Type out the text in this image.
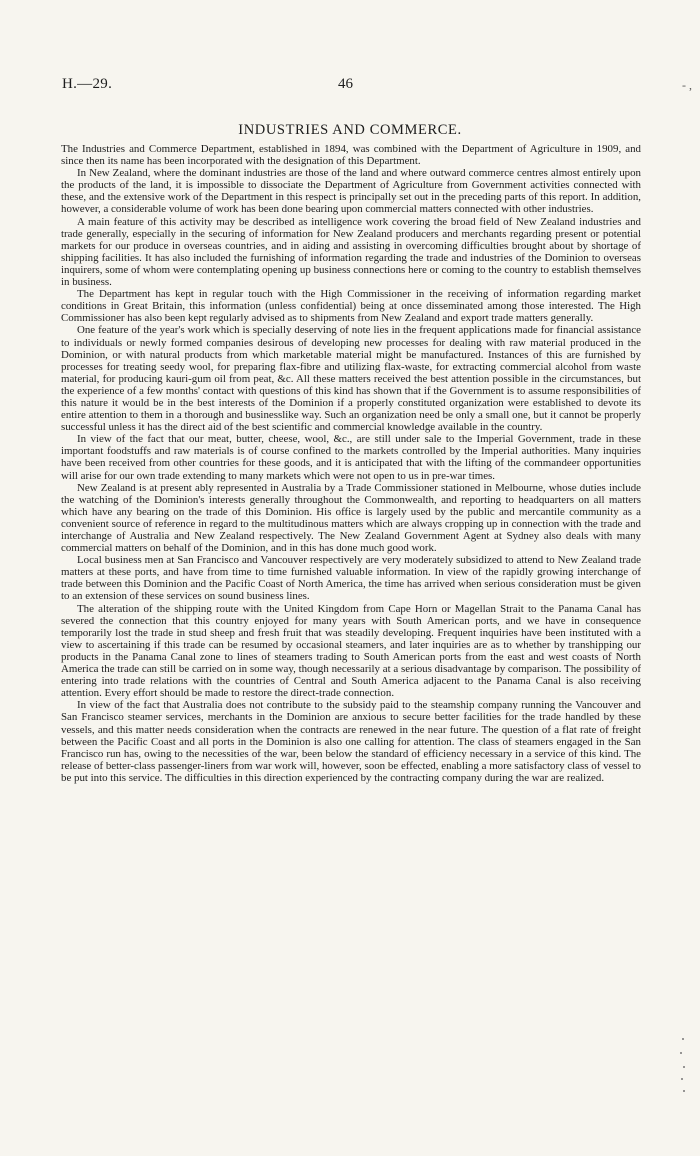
H.—29.	46	‑ ,
INDUSTRIES AND COMMERCE.

The Industries and Commerce Department, established in 1894, was combined with the Department of Agriculture in 1909, and since then its name has been incorporated with the designation of this Department.

In New Zealand, where the dominant industries are those of the land and where outward commerce centres almost entirely upon the products of the land, it is impossible to dissociate the Department of Agriculture from Government activities connected with these, and the extensive work of the Department in this respect is principally set out in the preceding parts of this report. In addition, however, a considerable volume of work has been done bearing upon commercial matters connected with other industries.

A main feature of this activity may be described as intelligence work covering the broad field of New Zealand industries and trade generally, especially in the securing of information for New Zealand producers and merchants regarding present or potential markets for our produce in overseas countries, and in aiding and assisting in overcoming difficulties brought about by shortage of shipping facilities. It has also included the furnishing of information regarding the trade and industries of the Dominion to overseas inquirers, some of whom were contemplating opening up business connections here or coming to the country to establish themselves in business.

The Department has kept in regular touch with the High Commissioner in the receiving of information regarding market conditions in Great Britain, this information (unless confidential) being at once disseminated among those interested. The High Commissioner has also been kept regularly advised as to shipments from New Zealand and export trade matters generally.

One feature of the year's work which is specially deserving of note lies in the frequent applications made for financial assistance to individuals or newly formed companies desirous of developing new processes for dealing with raw material produced in the Dominion, or with natural products from which marketable material might be manufactured. Instances of this are furnished by processes for treating seedy wool, for preparing flax-fibre and utilizing flax-waste, for extracting commercial alcohol from waste material, for producing kauri-gum oil from peat, &c. All these matters received the best attention possible in the circumstances, but the experience of a few months' contact with questions of this kind has shown that if the Government is to assume responsibilities of this nature it would be in the best interests of the Dominion if a properly constituted organization were established to devote its entire attention to them in a thorough and businesslike way. Such an organization need be only a small one, but it cannot be properly successful unless it has the direct aid of the best scientific and commercial knowledge available in the country.

In view of the fact that our meat, butter, cheese, wool, &c., are still under sale to the Imperial Government, trade in these important foodstuffs and raw materials is of course confined to the markets controlled by the Imperial authorities. Many inquiries have been received from other countries for these goods, and it is anticipated that with the lifting of the commandeer opportunities will arise for our own trade extending to many markets which were not open to us in pre-war times.

New Zealand is at present ably represented in Australia by a Trade Commissioner stationed in Melbourne, whose duties include the watching of the Dominion's interests generally throughout the Commonwealth, and reporting to headquarters on all matters which have any bearing on the trade of this Dominion. His office is largely used by the public and mercantile community as a convenient source of reference in regard to the multitudinous matters which are always cropping up in connection with the trade and interchange of Australia and New Zealand respectively. The New Zealand Government Agent at Sydney also deals with many commercial matters on behalf of the Dominion, and in this has done much good work.

Local business men at San Francisco and Vancouver respectively are very moderately subsidized to attend to New Zealand trade matters at these ports, and have from time to time furnished valuable information. In view of the rapidly growing interchange of trade between this Dominion and the Pacific Coast of North America, the time has arrived when serious consideration must be given to an extension of these services on sound business lines.

The alteration of the shipping route with the United Kingdom from Cape Horn or Magellan Strait to the Panama Canal has severed the connection that this country enjoyed for many years with South American ports, and we have in consequence temporarily lost the trade in stud sheep and fresh fruit that was steadily developing. Frequent inquiries have been instituted with a view to ascertaining if this trade can be resumed by occasional steamers, and later inquiries are as to whether by transhipping our products in the Panama Canal zone to lines of steamers trading to South American ports from the east and west coasts of North America the trade can still be carried on in some way, though necessarily at a serious disadvantage by comparison. The possibility of entering into trade relations with the countries of Central and South America adjacent to the Panama Canal is also receiving attention. Every effort should be made to restore the direct-trade connection.

In view of the fact that Australia does not contribute to the subsidy paid to the steamship company running the Vancouver and San Francisco steamer services, merchants in the Dominion are anxious to secure better facilities for the trade handled by these vessels, and this matter needs consideration when the contracts are renewed in the near future. The question of a flat rate of freight between the Pacific Coast and all ports in the Dominion is also one calling for attention. The class of steamers engaged in the San Francisco run has, owing to the necessities of the war, been below the standard of efficiency necessary in a service of this kind. The release of better-class passenger-liners from war work will, however, soon be effected, enabling a more satisfactory class of vessel to be put into this service. The difficulties in this direction experienced by the contracting company during the war are realized.
